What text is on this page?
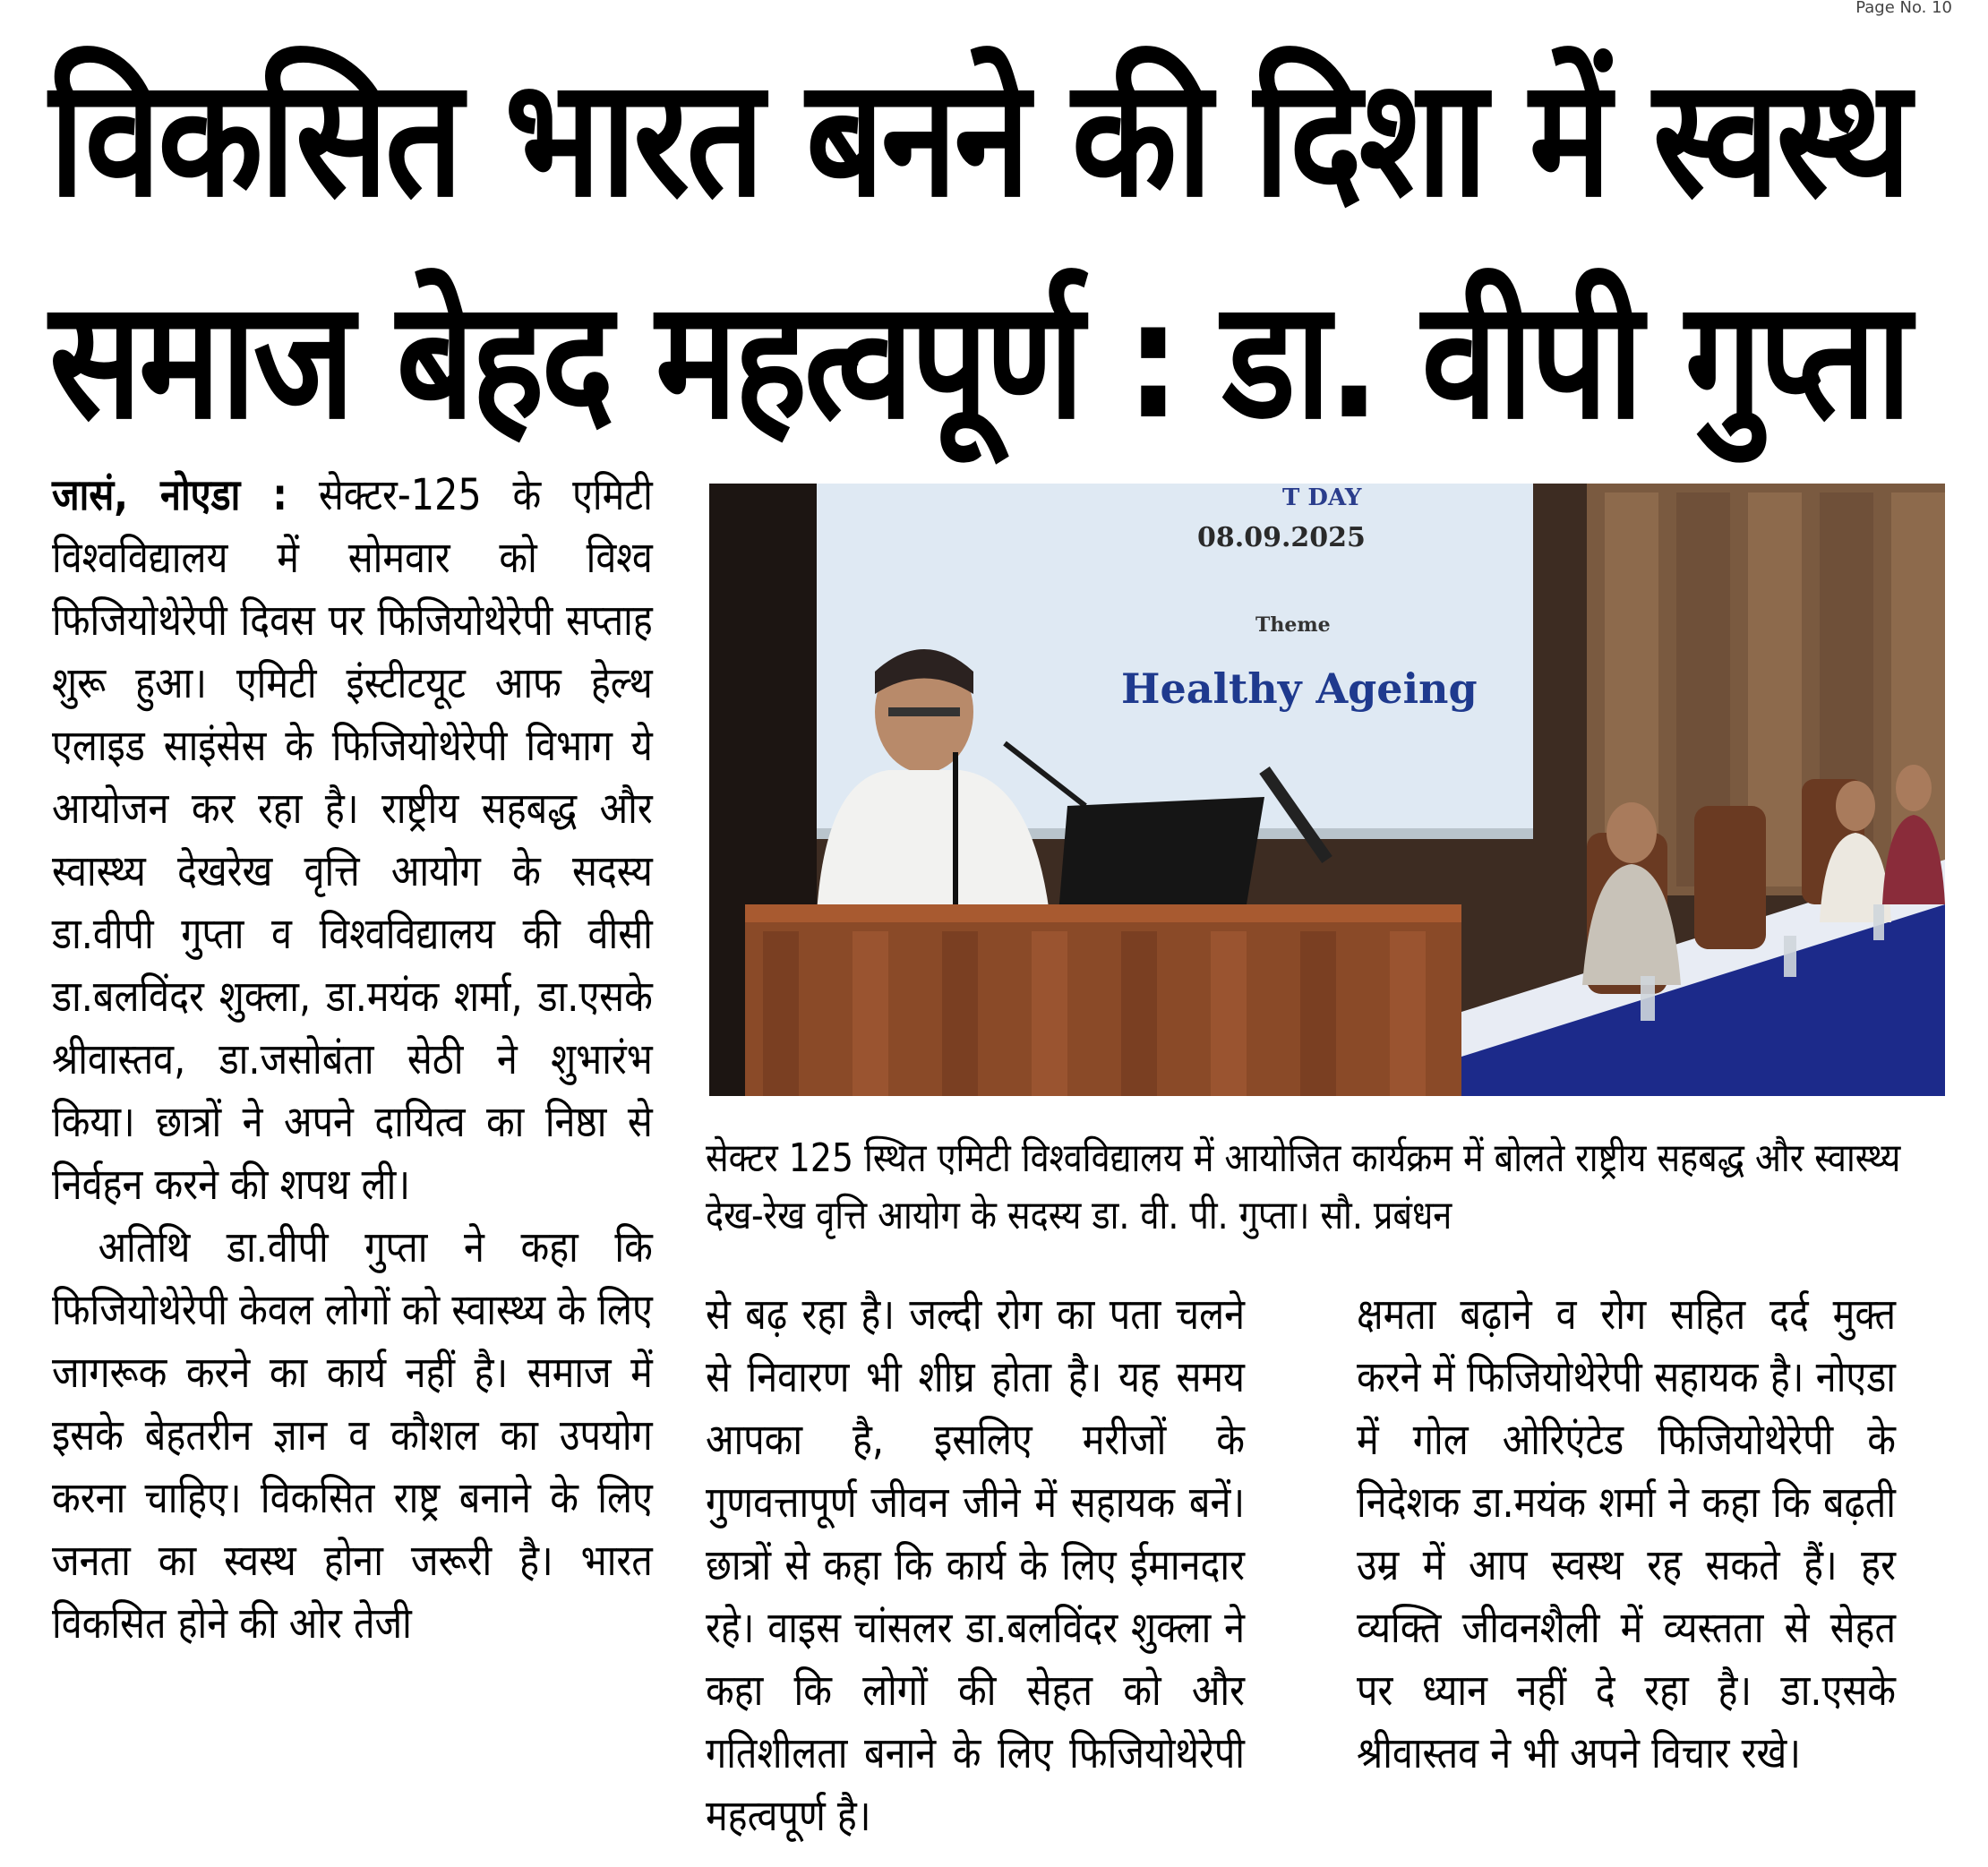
Page No. 10
विकसित भारत बनने की दिशा में स्वस्थ
समाज बेहद महत्वपूर्ण : डा. वीपी गुप्ता

जासं, नोएडा : सेक्टर-125 के एमिटी विश्वविद्यालय में सोमवार को विश्व फिजियोथेरेपी दिवस पर फिजियोथेरेपी सप्ताह शुरू हुआ। एमिटी इंस्टीटयूट आफ हेल्थ एलाइड साइंसेस के फिजियोथेरेपी विभाग ये आयोजन कर रहा है। राष्ट्रीय सहबद्ध और स्वास्थ्य देखरेख वृत्ति आयोग के सदस्य डा.वीपी गुप्ता व विश्वविद्यालय की वीसी डा.बलविंदर शुक्ला, डा.मयंक शर्मा, डा.एसके श्रीवास्तव, डा.जसोबंता सेठी ने शुभारंभ किया। छात्रों ने अपने दायित्व का निष्ठा से निर्वहन करने की शपथ ली।

अतिथि डा.वीपी गुप्ता ने कहा कि फिजियोथेरेपी केवल लोगों को स्वास्थ्य के लिए जागरूक करने का कार्य नहीं है। समाज में इसके बेहतरीन ज्ञान व कौशल का उपयोग करना चाहिए। विकसित राष्ट्र बनाने के लिए जनता का स्वस्थ होना जरूरी है। भारत विकसित होने की ओर तेजी

T DAY
08.09.2025
Theme
Healthy Ageing

सेक्टर 125 स्थित एमिटी विश्वविद्यालय में आयोजित कार्यक्रम में बोलते राष्ट्रीय सहबद्ध और स्वास्थ्य देख-रेख वृत्ति आयोग के सदस्य डा. वी. पी. गुप्ता। सौ. प्रबंधन

से बढ़ रहा है। जल्दी रोग का पता चलने से निवारण भी शीघ्र होता है। यह समय आपका है, इसलिए मरीजों के गुणवत्तापूर्ण जीवन जीने में सहायक बनें। छात्रों से कहा कि कार्य के लिए ईमानदार रहे। वाइस चांसलर डा.बलविंदर शुक्ला ने कहा कि लोगों की सेहत को और गतिशीलता बनाने के लिए फिजियोथेरेपी महत्वपूर्ण है।

क्षमता बढ़ाने व रोग सहित दर्द मुक्त करने में फिजियोथेरेपी सहायक है। नोएडा में गोल ओरिएंटेड फिजियोथेरेपी के निदेशक डा.मयंक शर्मा ने कहा कि बढ़ती उम्र में आप स्वस्थ रह सकते हैं। हर व्यक्ति जीवनशैली में व्यस्तता से सेहत पर ध्यान नहीं दे रहा है। डा.एसके श्रीवास्तव ने भी अपने विचार रखे।
